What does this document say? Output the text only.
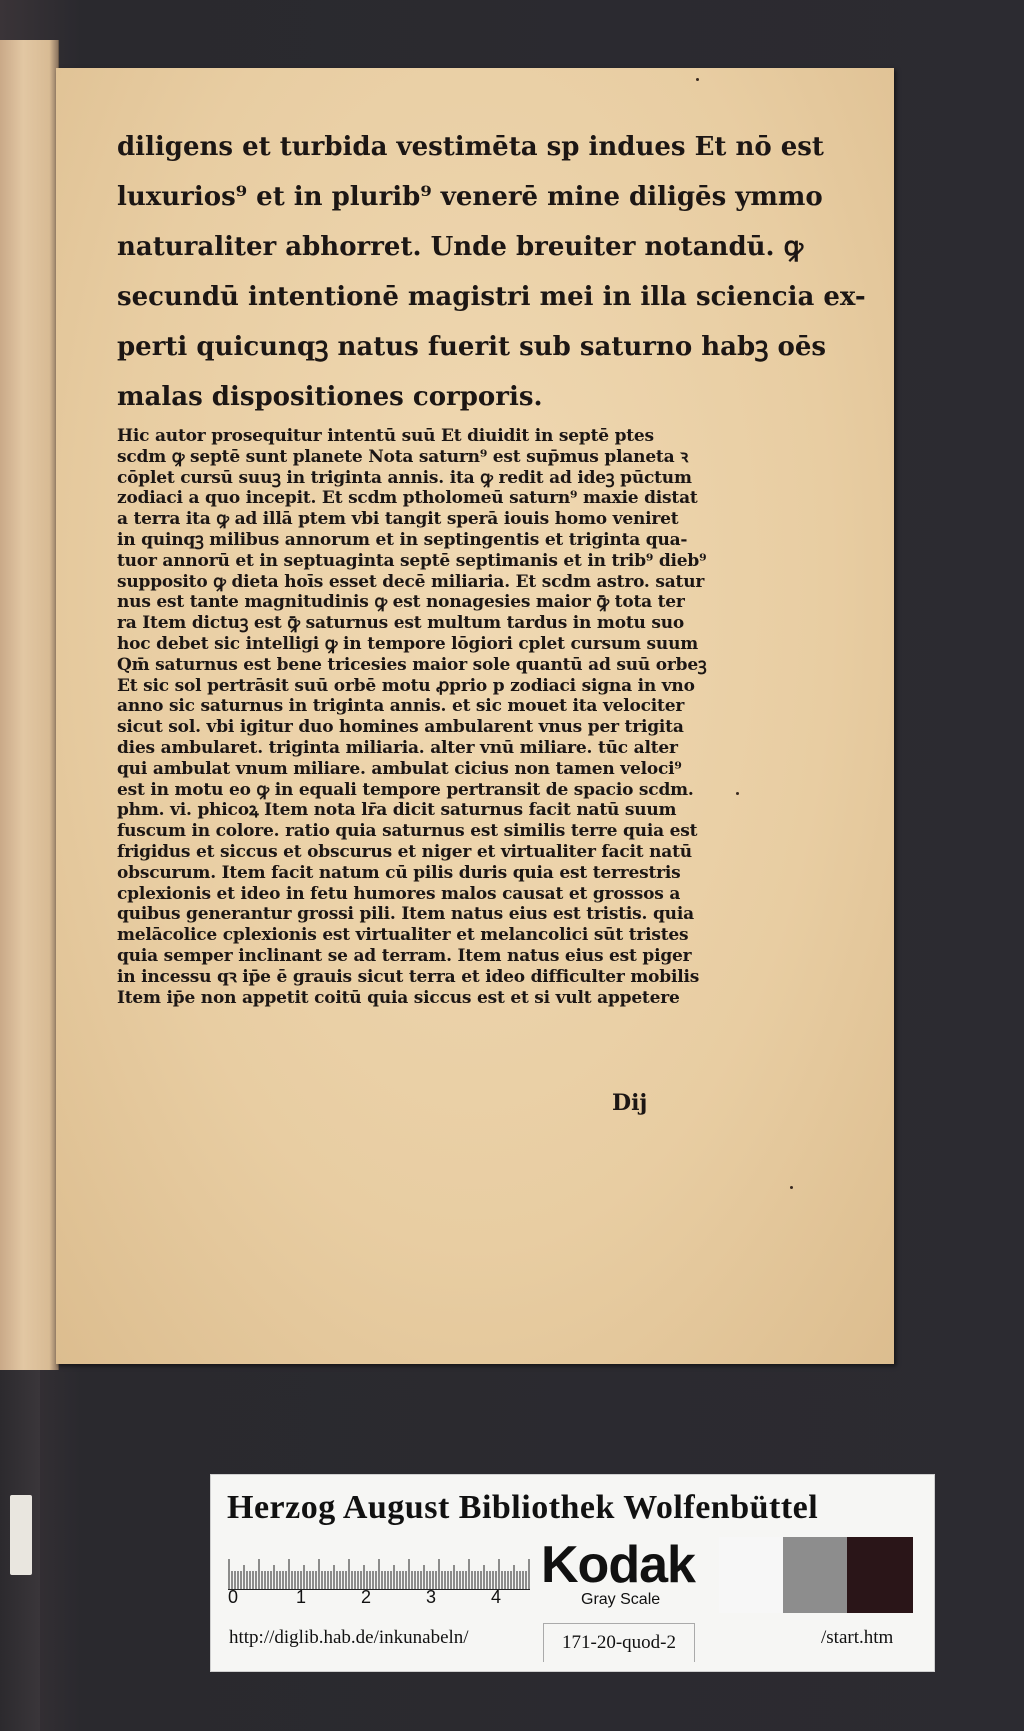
diligens et turbida vestimēta sp indues Et nō est

luxurios⁹ et in plurib⁹ venerē mine diligēs ymmo

naturaliter abhorret. Unde breuiter notandū. ꝙ

secundū intentionē magistri mei in illa sciencia ex-

perti quicunqꝫ natus fuerit sub saturno habꝫ oēs

malas dispositiones corporis.

Hic autor prosequitur intentū suū Et diuidit in septē ptes

scdm ꝙ septē sunt planete Nota saturn⁹ est sup̄mus planeta ꝛ

cōplet cursū suuꝫ in triginta annis. ita ꝙ redit ad ideꝫ pūctum

zodiaci a quo incepit. Et scdm ptholomeū saturn⁹ maxie distat

a terra ita ꝙ ad illā ptem vbi tangit sperā iouis homo veniret

in quinqꝫ milibus annorum et in septingentis et triginta qua-

tuor annorū et in septuaginta septē septimanis et in trib⁹ dieb⁹

supposito ꝙ dieta hoīs esset decē miliaria. Et scdm astro. satur

nus est tante magnitudinis ꝙ est nonagesies maior ꝙ̄ tota ter

ra Item dictuꝫ est ꝙ̄ saturnus est multum tardus in motu suo

hoc debet sic intelligi ꝙ in tempore lōgiori cplet cursum suum

Qm̄ saturnus est bene tricesies maior sole quantū ad suū orbeꝫ

Et sic sol pertrāsit suū orbē motu ꝓprio p zodiaci signa in vno

anno sic saturnus in triginta annis. et sic mouet ita velociter

sicut sol. vbi igitur duo homines ambularent vnus per trigita

dies ambularet. triginta miliaria. alter vnū miliare. tūc alter

qui ambulat vnum miliare. ambulat cicius non tamen veloci⁹

est in motu eo ꝙ in equali tempore pertransit de spacio scdm.

phm. vi. phicoꝝ Item nota lr̄a dicit saturnus facit natū suum

fuscum in colore. ratio quia saturnus est similis terre quia est

frigidus et siccus et obscurus et niger et virtualiter facit natū

obscurum. Item facit natum cū pilis duris quia est terrestris

cplexionis et ideo in fetu humores malos causat et grossos a

quibus generantur grossi pili. Item natus eius est tristis. quia

melācolice cplexionis est virtualiter et melancolici sūt tristes

quia semper inclinant se ad terram. Item natus eius est piger

in incessu qꝛ ip̄e ē grauis sicut terra et ideo difficulter mobilis

Item ip̄e non appetit coitū quia siccus est et si vult appetere

Dij
Herzog August Bibliothek Wolfenbüttel
0	1	2	3	4
Kodak
Gray Scale
http://diglib.hab.de/inkunabeln/	171-20-quod-2	/start.htm
